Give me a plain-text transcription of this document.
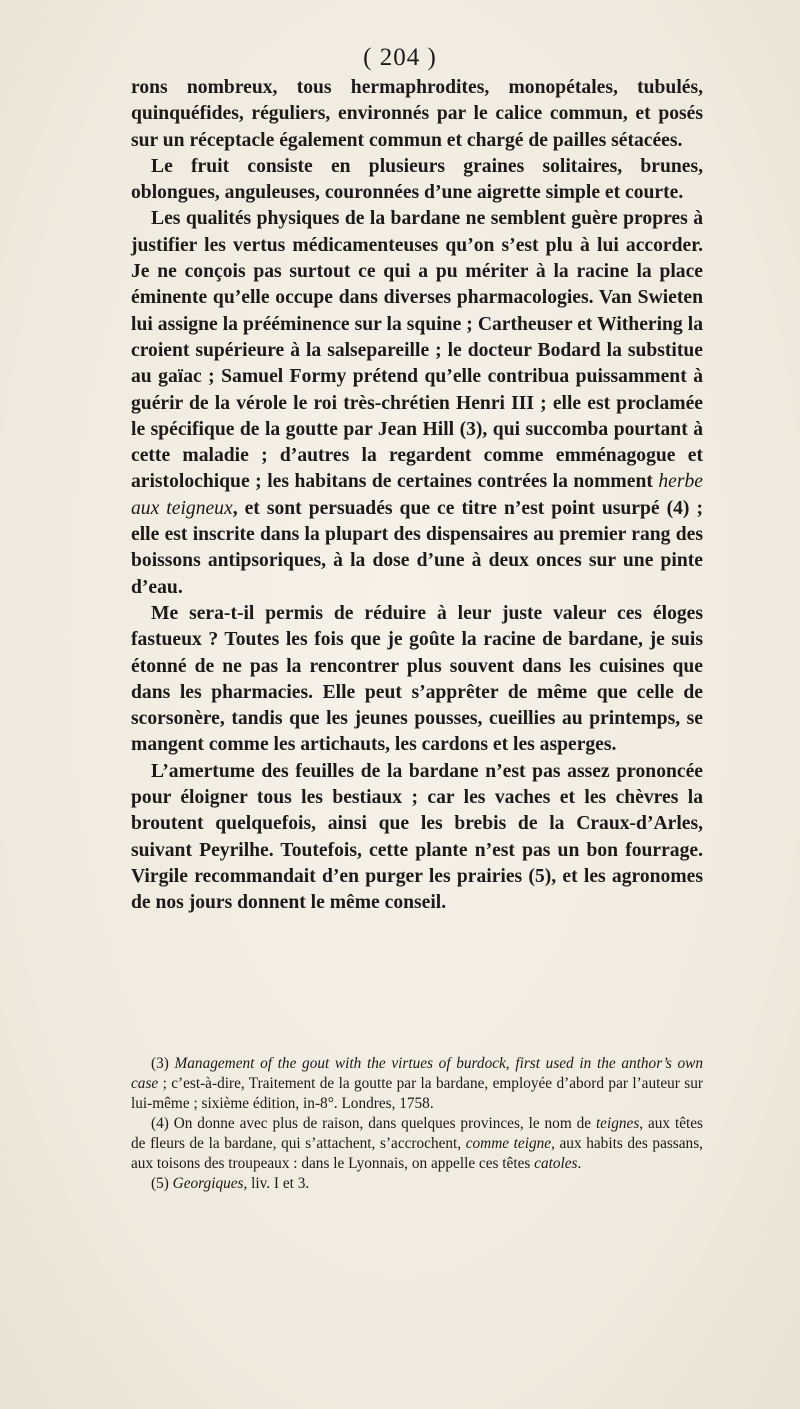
( 204 )

rons nombreux, tous hermaphrodites, monopétales, tubulés, quinquéfides, réguliers, environnés par le calice commun, et posés sur un réceptacle également commun et chargé de pailles sétacées.

Le fruit consiste en plusieurs graines solitaires, brunes, oblongues, anguleuses, couronnées d’une aigrette simple et courte.

Les qualités physiques de la bardane ne semblent guère propres à justifier les vertus médicamenteuses qu’on s’est plu à lui accorder. Je ne conçois pas surtout ce qui a pu mériter à la racine la place éminente qu’elle occupe dans diverses pharmacologies. Van Swieten lui assigne la prééminence sur la squine ; Cartheuser et Withering la croient supérieure à la salsepareille ; le docteur Bodard la substitue au gaïac ; Samuel Formy prétend qu’elle contribua puissamment à guérir de la vérole le roi très-chrétien Henri III ; elle est proclamée le spécifique de la goutte par Jean Hill (3), qui succomba pourtant à cette maladie ; d’autres la regardent comme emménagogue et aristolochique ; les habitans de certaines contrées la nomment herbe aux teigneux, et sont persuadés que ce titre n’est point usurpé (4) ; elle est inscrite dans la plupart des dispensaires au premier rang des boissons antipsoriques, à la dose d’une à deux onces sur une pinte d’eau.

Me sera-t-il permis de réduire à leur juste valeur ces éloges fastueux ? Toutes les fois que je goûte la racine de bardane, je suis étonné de ne pas la rencontrer plus souvent dans les cuisines que dans les pharmacies. Elle peut s’apprêter de même que celle de scorsonère, tandis que les jeunes pousses, cueillies au printemps, se mangent comme les artichauts, les cardons et les asperges.

L’amertume des feuilles de la bardane n’est pas assez prononcée pour éloigner tous les bestiaux ; car les vaches et les chèvres la broutent quelquefois, ainsi que les brebis de la Craux-d’Arles, suivant Peyrilhe. Toutefois, cette plante n’est pas un bon fourrage. Virgile recommandait d’en purger les prairies (5), et les agronomes de nos jours donnent le même conseil.

(3) Management of the gout with the virtues of burdock, first used in the anthor’s own case ; c’est-à-dire, Traitement de la goutte par la bardane, employée d’abord par l’auteur sur lui-même ; sixième édition, in-8°. Londres, 1758.

(4) On donne avec plus de raison, dans quelques provinces, le nom de teignes, aux têtes de fleurs de la bardane, qui s’attachent, s’accrochent, comme teigne, aux habits des passans, aux toisons des troupeaux : dans le Lyonnais, on appelle ces têtes catoles.

(5) Georgiques, liv. I et 3.
